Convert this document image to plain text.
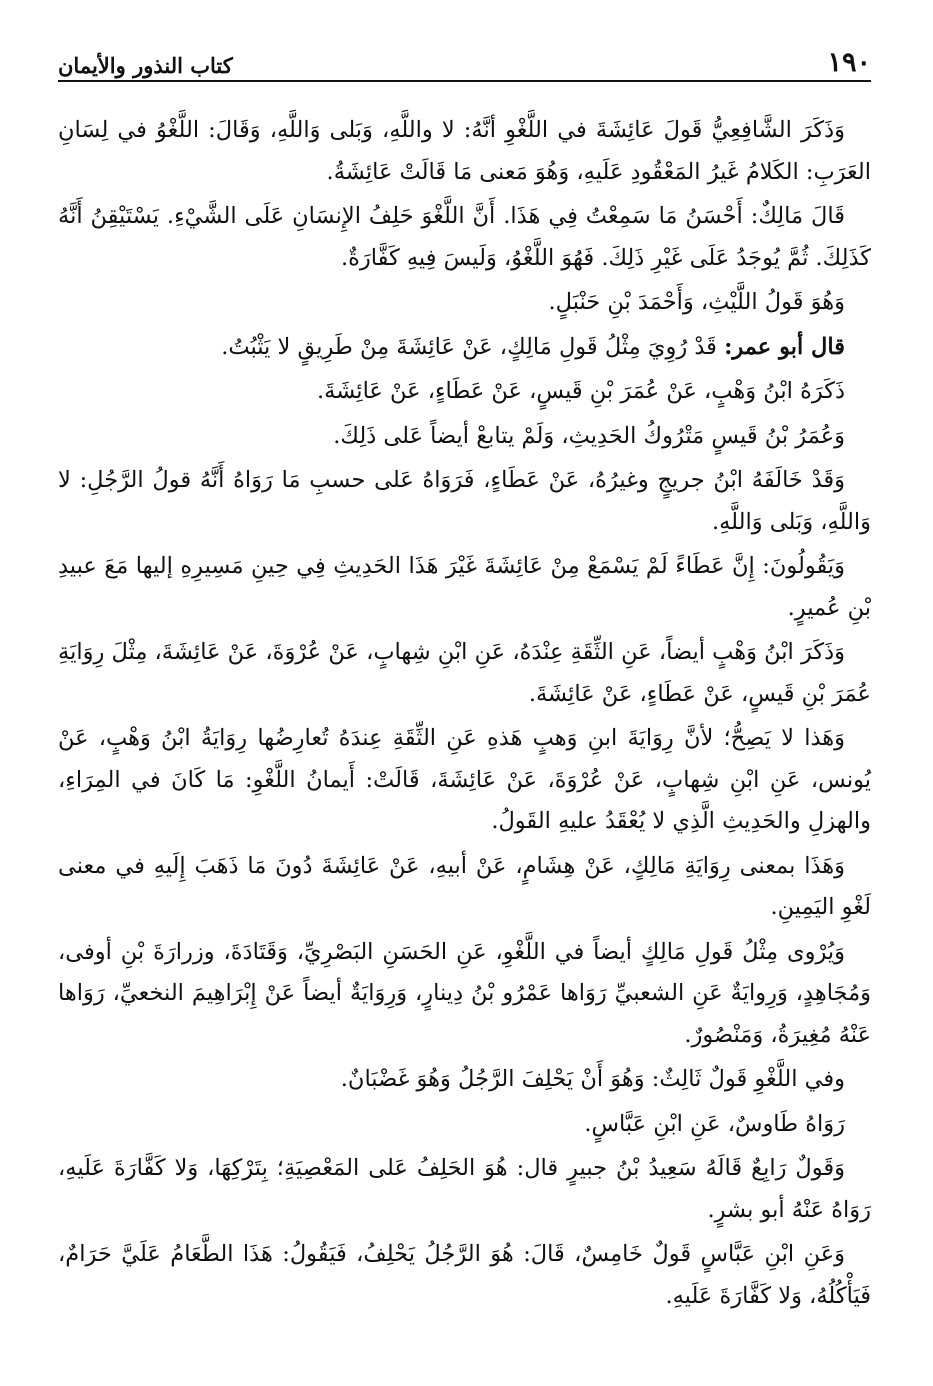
١٩٠
كتاب النذور والأيمان

وَذَكَرَ الشَّافِعِيُّ قَولَ عَائِشَةَ في اللَّغْوِ أنَّهُ: لا واللَّهِ، وَبَلى وَاللَّهِ، وَقَالَ: اللَّغْوُ في لِسَانِ العَرَبِ: الكَلامُ غَيرُ المَعْقُودِ عَلَيهِ، وَهُوَ مَعنى مَا قَالَتْ عَائِشَةُ.

قَالَ مَالِكٌ: أَحْسَنُ مَا سَمِعْتُ فِي هَذَا. أَنَّ اللَّغْوَ حَلِفُ الإِنسَانِ عَلَى الشَّيْءِ. يَسْتَيْقِنُ أَنَّهُ كَذَلِكَ. ثُمَّ يُوجَدُ عَلَى غَيْرِ ذَلِكَ. فَهُوَ اللَّغْوُ، وَلَيسَ فِيهِ كَفَّارَةٌ.

وَهُوَ قَولُ اللَّيْثِ، وَأَحْمَدَ بْنِ حَنْبَلٍ.

قال أبو عمر: قَدْ رُوِيَ مِثْلُ قَولِ مَالِكٍ، عَنْ عَائِشَةَ مِنْ طَرِيقٍ لا يَثْبُتُ.

ذَكَرَهُ ابْنُ وَهْبٍ، عَنْ عُمَرَ بْنِ قَيسٍ، عَنْ عَطَاءٍ، عَنْ عَائِشَةَ.

وَعُمَرُ بْنُ قَيسٍ مَتْرُوكُ الحَدِيثِ، وَلَمْ يتابعْ أيضاً عَلى ذَلِكَ.

وَقَدْ خَالَفَهُ ابْنُ جريجٍ وغيرُهُ، عَنْ عَطَاءٍ، فَرَوَاهُ عَلى حسبِ مَا رَوَاهُ أَنَّهُ قولُ الرَّجُلِ: لا وَاللَّهِ، وَبَلى وَاللَّهِ.

وَيَقُولُونَ: إِنَّ عَطَاءً لَمْ يَسْمَعْ مِنْ عَائِشَةَ غَيْرَ هَذَا الحَدِيثِ فِي حِينِ مَسِيرِهِ إليها مَعَ عبيدِ بْنِ عُميرٍ.

وَذَكَرَ ابْنُ وَهْبٍ أيضاً، عَنِ الثِّقَةِ عِنْدَهُ، عَنِ ابْنِ شِهابٍ، عَنْ عُرْوَةَ، عَنْ عَائِشَةَ، مِثْلَ رِوَايَةِ عُمَرَ بْنِ قَيسٍ، عَنْ عَطَاءٍ، عَنْ عَائِشَةَ.

وَهَذا لا يَصِحُّ؛ لأنَّ رِوَايَةَ ابنِ وَهبٍ هَذهِ عَنِ الثِّقَةِ عِندَهُ تُعارِضُها رِوَايَةُ ابْنُ وَهْبٍ، عَنْ يُونس، عَنِ ابْنِ شِهابٍ، عَنْ عُرْوَةَ، عَنْ عَائِشَةَ، قَالَتْ: أَيمانُ اللَّغْوِ: مَا كَانَ في المِرَاءِ، والهزلِ والحَدِيثِ الَّذِي لا يُعْقَدُ عليهِ القَولُ.

وَهَذَا بمعنى رِوَايَةِ مَالِكٍ، عَنْ هِشَامٍ، عَنْ أبيهِ، عَنْ عَائِشَةَ دُونَ مَا ذَهَبَ إِلَيهِ في معنى لَغْوِ اليَمِينِ.

وَيُرْوى مِثْلُ قَولِ مَالِكٍ أيضاً في اللَّغْوِ، عَنِ الحَسَنِ البَصْرِيِّ، وَقَتَادَةَ، وزرارَةَ بْنِ أوفى، وَمُجَاهِدٍ، وَرِوايَةٌ عَنِ الشعبيِّ رَوَاها عَمْرُو بْنُ دِينارٍ، وَرِوَايَةٌ أيضاً عَنْ إِبْرَاهِيمَ النخعيِّ، رَوَاها عَنْهُ مُغِيرَةُ، وَمَنْصُورٌ.

وفي اللَّغْوِ قَولٌ ثَالِثٌ: وَهُوَ أَنْ يَحْلِفَ الرَّجُلُ وَهُوَ غَضْبَانٌ.

رَوَاهُ طَاوسٌ، عَنِ ابْنِ عَبَّاسٍ.

وَقَولٌ رَابِعٌ قَالَهُ سَعِيدُ بْنُ جبيرٍ قال: هُوَ الحَلِفُ عَلى المَعْصِيَةِ؛ بِتَرْكِهَا، وَلا كَفَّارَةَ عَلَيهِ، رَوَاهُ عَنْهُ أبو بشرٍ.

وَعَنِ ابْنِ عَبَّاسٍ قَولٌ خَامِسٌ، قَالَ: هُوَ الرَّجُلُ يَحْلِفُ، فَيَقُولُ: هَذَا الطَّعَامُ عَلَيَّ حَرَامٌ، فَيَأْكُلُهُ، وَلا كَفَّارَةَ عَلَيهِ.
